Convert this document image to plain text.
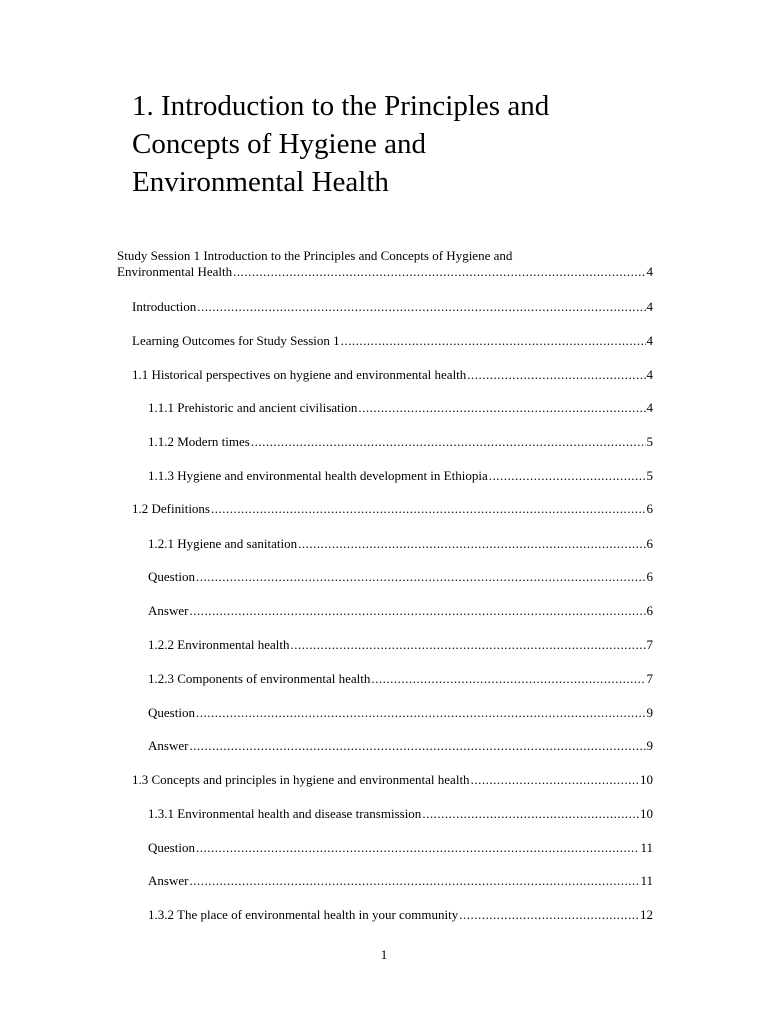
1. Introduction to the Principles and
Concepts of Hygiene and
Environmental Health
Study Session 1 Introduction to the Principles and Concepts of Hygiene and
Environmental Health .....	4
Introduction .....	4
Learning Outcomes for Study Session 1 .....	4
1.1 Historical perspectives on hygiene and environmental health .....	4
1.1.1 Prehistoric and ancient civilisation .....	4
1.1.2 Modern times .....	5
1.1.3 Hygiene and environmental health development in Ethiopia .....	5
1.2 Definitions .....	6
1.2.1 Hygiene and sanitation .....	6
Question .....	6
Answer .....	6
1.2.2 Environmental health .....	7
1.2.3 Components of environmental health .....	7
Question .....	9
Answer .....	9
1.3 Concepts and principles in hygiene and environmental health .....	10
1.3.1 Environmental health and disease transmission .....	10
Question .....	11
Answer .....	11
1.3.2 The place of environmental health in your community .....	12
1
